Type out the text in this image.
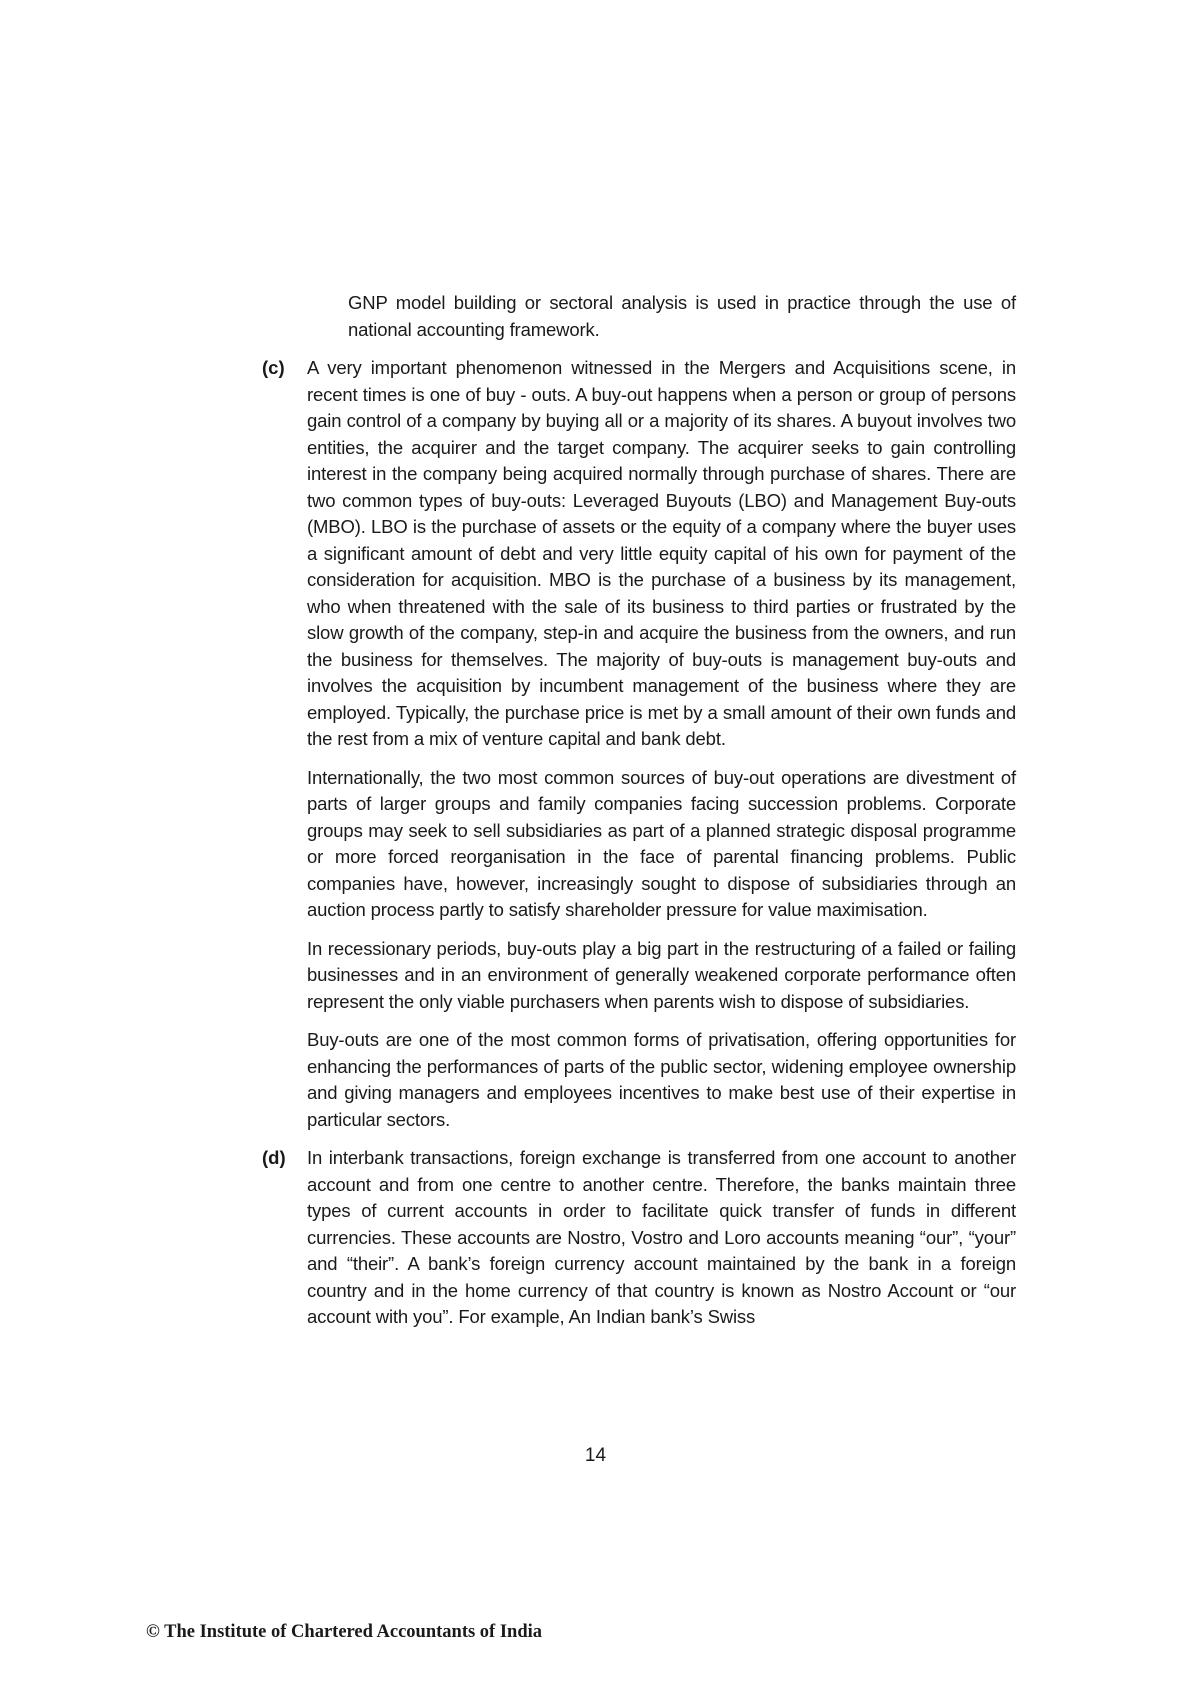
GNP model building or sectoral analysis is used in practice through the use of national accounting framework.

(c) A very important phenomenon witnessed in the Mergers and Acquisitions scene, in recent times is one of buy - outs. A buy-out happens when a person or group of persons gain control of a company by buying all or a majority of its shares. A buyout involves two entities, the acquirer and the target company. The acquirer seeks to gain controlling interest in the company being acquired normally through purchase of shares. There are two common types of buy-outs: Leveraged Buyouts (LBO) and Management Buy-outs (MBO). LBO is the purchase of assets or the equity of a company where the buyer uses a significant amount of debt and very little equity capital of his own for payment of the consideration for acquisition. MBO is the purchase of a business by its management, who when threatened with the sale of its business to third parties or frustrated by the slow growth of the company, step-in and acquire the business from the owners, and run the business for themselves. The majority of buy-outs is management buy-outs and involves the acquisition by incumbent management of the business where they are employed. Typically, the purchase price is met by a small amount of their own funds and the rest from a mix of venture capital and bank debt.

Internationally, the two most common sources of buy-out operations are divestment of parts of larger groups and family companies facing succession problems. Corporate groups may seek to sell subsidiaries as part of a planned strategic disposal programme or more forced reorganisation in the face of parental financing problems. Public companies have, however, increasingly sought to dispose of subsidiaries through an auction process partly to satisfy shareholder pressure for value maximisation.

In recessionary periods, buy-outs play a big part in the restructuring of a failed or failing businesses and in an environment of generally weakened corporate performance often represent the only viable purchasers when parents wish to dispose of subsidiaries.

Buy-outs are one of the most common forms of privatisation, offering opportunities for enhancing the performances of parts of the public sector, widening employee ownership and giving managers and employees incentives to make best use of their expertise in particular sectors.

(d) In interbank transactions, foreign exchange is transferred from one account to another account and from one centre to another centre. Therefore, the banks maintain three types of current accounts in order to facilitate quick transfer of funds in different currencies. These accounts are Nostro, Vostro and Loro accounts meaning “our”, “your” and “their”. A bank’s foreign currency account maintained by the bank in a foreign country and in the home currency of that country is known as Nostro Account or “our account with you”. For example, An Indian bank’s Swiss

14
© The Institute of Chartered Accountants of India
